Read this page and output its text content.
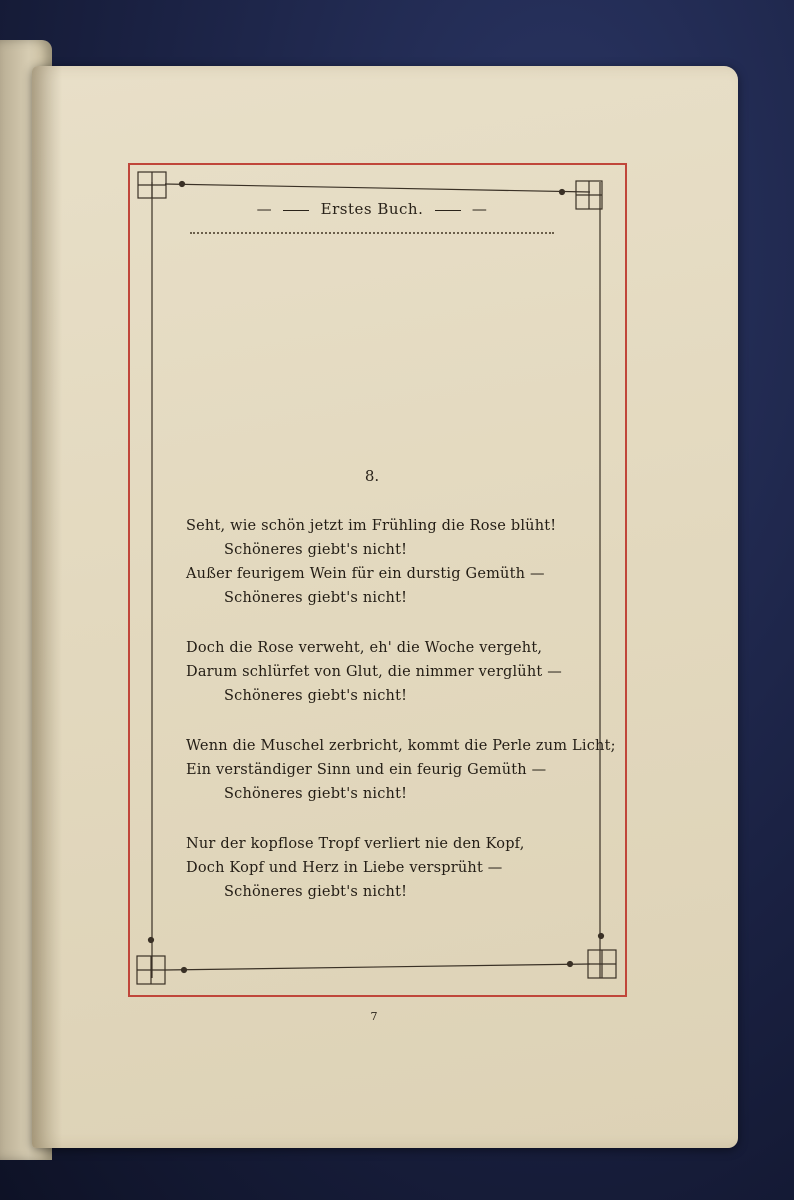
—	Erstes Buch.	—
8.
Seht, wie schön jetzt im Frühling die Rose blüht!
Schöneres giebt's nicht!
Außer feurigem Wein für ein durstig Gemüth —
Schöneres giebt's nicht!
Doch die Rose verweht, eh' die Woche vergeht,
Darum schlürfet von Glut, die nimmer verglüht —
Schöneres giebt's nicht!
Wenn die Muschel zerbricht, kommt die Perle zum Licht;
Ein verständiger Sinn und ein feurig Gemüth —
Schöneres giebt's nicht!
Nur der kopflose Tropf verliert nie den Kopf,
Doch Kopf und Herz in Liebe versprüht —
Schöneres giebt's nicht!
7
